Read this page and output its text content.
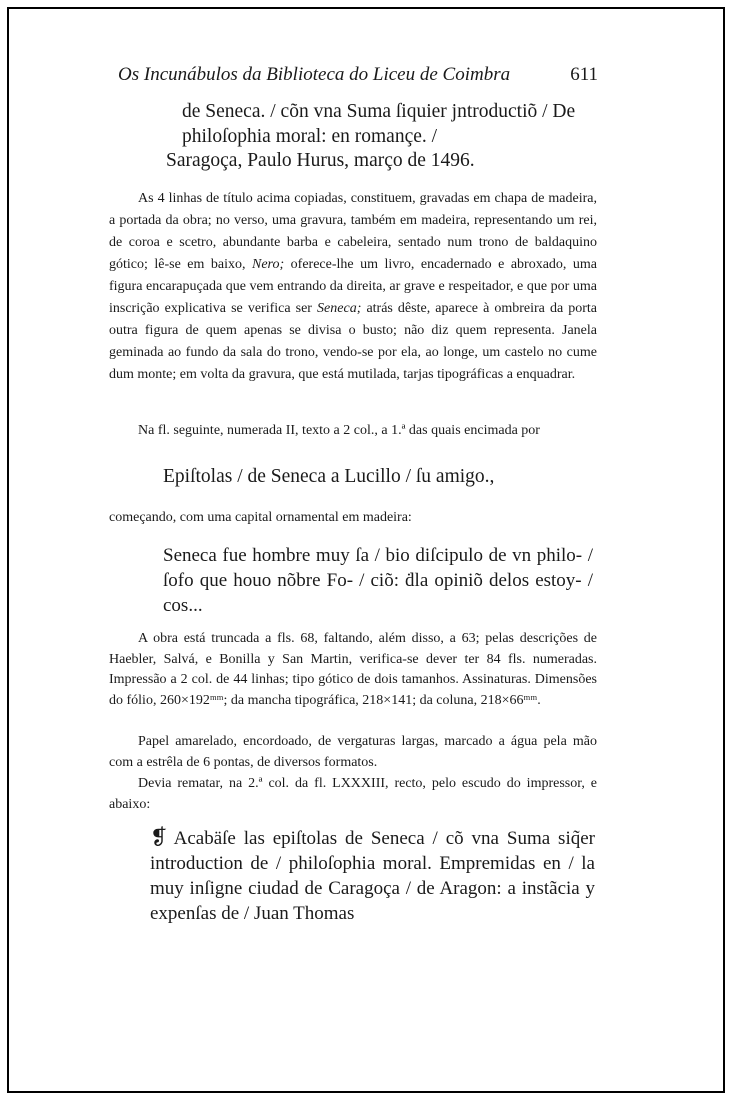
Os Incunábulos da Biblioteca do Liceu de Coimbra	611
de Seneca. / cõn vna Suma ſiquier jntroductiõ / De
philoſophia moral: en romançe. /
Saragoça, Paulo Hurus, março de 1496.
As 4 linhas de título acima copiadas, constituem, gravadas em chapa de madeira, a portada da obra; no verso, uma gravura, também em madeira, representando um rei, de coroa e scetro, abundante barba e cabeleira, sentado num trono de baldaquino gótico; lê-se em baixo, Nero; oferece-lhe um livro, encadernado e abroxado, uma figura encarapuçada que vem entrando da direita, ar grave e respeitador, e que por uma inscrição explicativa se verifica ser Seneca; atrás dêste, aparece à ombreira da porta outra figura de quem apenas se divisa o busto; não diz quem representa. Janela geminada ao fundo da sala do trono, vendo-se por ela, ao longe, um castelo no cume dum monte; em volta da gravura, que está mutilada, tarjas tipográficas a enquadrar.
Na fl. seguinte, numerada II, texto a 2 col., a 1.ª das quais encimada por
Epiſtolas / de Seneca a Lucillo / ſu amigo.,
começando, com uma capital ornamental em madeira:
Seneca fue hombre muy ſa / bio diſcipulo de vn philo- / ſofo que houo nõbre Fo- / ciõ: ḋla opiniõ delos estoy- / cos...
A obra está truncada a fls. 68, faltando, além disso, a 63; pelas descrições de Haebler, Salvá, e Bonilla y San Martin, verifica-se dever ter 84 fls. numeradas. Impressão a 2 col. de 44 linhas; tipo gótico de dois tamanhos. Assinaturas. Dimensões do fólio, 260×192ᵐᵐ; da mancha tipográfica, 218×141; da coluna, 218×66ᵐᵐ.
Papel amarelado, encordoado, de vergaturas largas, marcado a água pela mão com a estrêla de 6 pontas, de diversos formatos.
Devia rematar, na 2.ª col. da fl. LXXXIII, recto, pelo escudo do impressor, e abaixo:
❡ Acabäſe las epiſtolas de Seneca / cõ vna Suma siq̃er introduction de / philoſophia moral. Empremidas en / la muy inſigne ciudad de Caragoça / de Aragon: a instãcia y expenſas de / Juan Thomas
